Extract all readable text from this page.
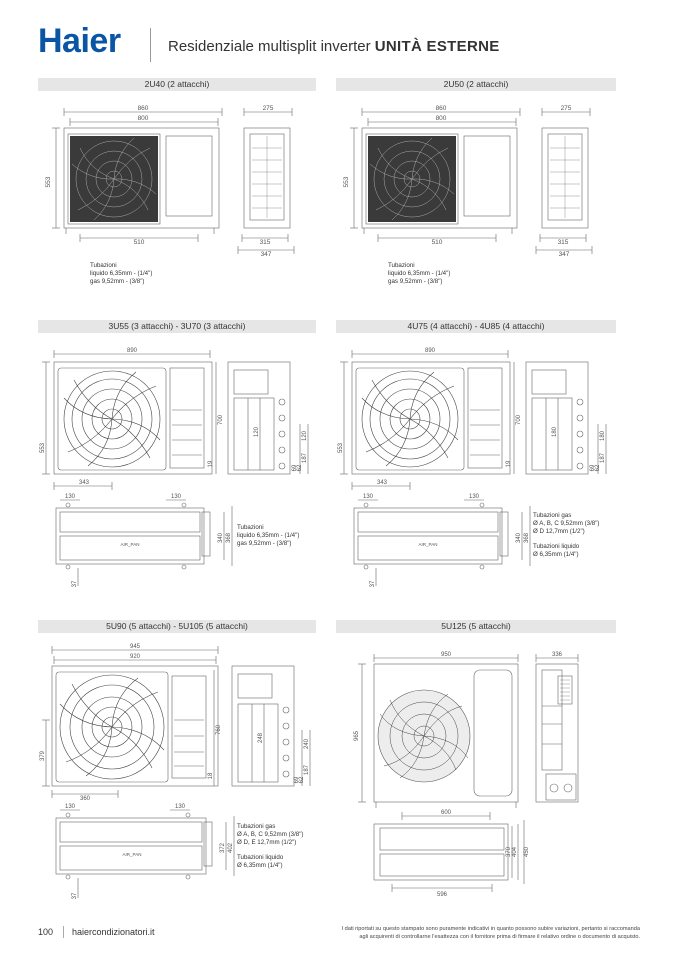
Haier	Residenziale multisplit inverter UNITÀ ESTERNE
2U40 (2 attacchi)	2U50 (2 attacchi)
3U55 (3 attacchi) - 3U70 (3 attacchi)	4U75 (4 attacchi) - 4U85 (4 attacchi)
5U90 (5 attacchi) - 5U105 (5 attacchi)	5U125 (5 attacchi)
860
800
553
510
275
315
347
Tubazioni
liquido 6,35mm - (1/4")
gas 9,52mm - (3/8")
860
800
553
510
275
315
347
Tubazioni
liquido 6,35mm - (1/4")
gas 9,52mm - (3/8")
890
700
553
343
19
120	120
187
69 62
130	130
340 368
37
AIR_PAN
Tubazioni
liquido 6,35mm - (1/4")
gas 9,52mm - (3/8")
890
700
553
343
19
180	180
187
69 62
130	130
340 368
37
AIR_PAN
Tubazioni gas
Ø A, B, C 9,52mm (3/8")
Ø D 12,7mm (1/2")
Tubazioni liquido
Ø 6,35mm (1/4")
945
920
379
360
760
18
248
240
187
69 62
130	130
372 402
37
AIR_PAN
Tubazioni gas
Ø A, B, C 9,52mm (3/8")
Ø D, E 12,7mm (1/2")
Tubazioni liquido
Ø 6,35mm (1/4")
950
965
336
600
370 404 450
596
100 haiercondizionatori.it	I dati riportati su questo stampato sono puramente indicativi in quanto possono subire variazioni, pertanto si raccomanda
agli acquirenti di controllarne l'esattezza con il fornitore prima di firmare il relativo ordine o documento di acquisto.
